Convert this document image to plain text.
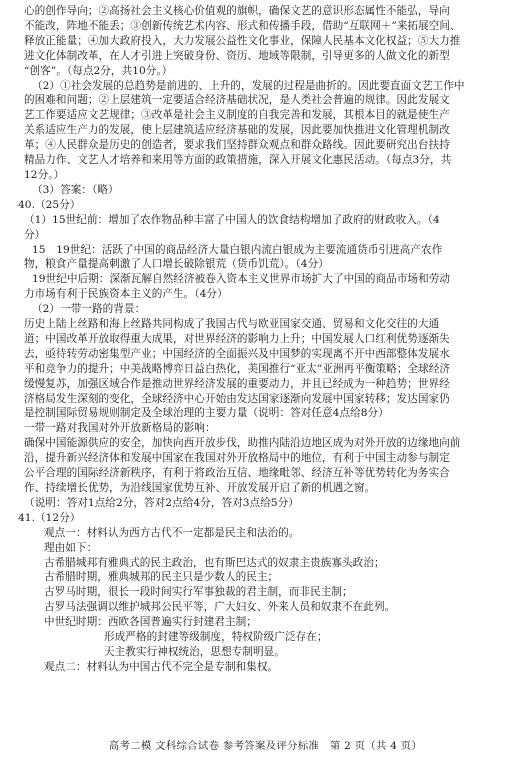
心的创作导向；②高扬社会主义核心价值观的旗帜，确保文艺的意识形态属性不能弘，导向
不能改，阵地不能丢；③创新传统艺术内容、形式和传播手段，借助“互联网＋”来拓展空间、
释放正能量；④加大政府投入，大力发展公益性文化事业，保障人民基本文化权益；⑤大力推
进文化体制改革，在人才引进上突破身份、资历、地域等限制，引导更多的人做文化的新型
“创客”。（每点2分，共10分。）
（2）①社会发展的总趋势是前进的、上升的，发展的过程是曲折的。因此要直面文艺工作中
的困难和问题；②上层建筑一定要适合经济基础状况，是人类社会普遍的规律。因此发展文
艺工作要适应文艺规律；③改革是社会主义制度的自我完善和发展，其根本目的就是使生产
关系适应生产力的发展，使上层建筑适应经济基础的发展，因此要加快推进文化管理机制改
革；④人民群众是历史的创造者，要求我们坚持群众观点和群众路线。因此要研究出台扶持
精品力作、文艺人才培养和来用等方面的政策措施，深入开展文化惠民活动。（每点3分，共
12分。）
（3）答案：（略）
40.（25分）
（1）15世纪前：增加了农作物品种丰富了中国人的饮食结构增加了政府的财政收入。（4
分）
15　19世纪：活跃了中国的商品经济大量白银内流白银成为主要流通货币引进高产农作
物，粮食产量提高刺激了人口增长破除银荒（货币饥荒）。（4分）
19世纪中后期：深渐瓦解自然经济被卷入资本主义世界市场扩大了中国的商品市场和劳动
力市场有利于民族资本主义的产生。（4分）
（2）一带一路的背景：
历史上陆上丝路和海上丝路共同构成了我国古代与欧亚国家交通、贸易和文化交往的大通
道；中国改革开放取得重大成果，对世界经济的影响力上升；中国发展人口红利优势逐渐失
去，亟待转劳动密集型产业；中国经济的全面振兴及中国梦的实现离不开中西部整体发展水
平和竞争力的提升；中美战略博弈日益白热化，美国推行“亚太”亚洲再平衡策略；全球经济
缓慢复苏，加强区域合作是推动世界经济发展的重要动力，并且已经成为一种趋势；世界经
济格局发生深刻的变化，全球经济中心开始由发达国家逐渐向发展中国家转移；发达国家仍
是控制国际贸易规则制定及全球治理的主要力量（说明：答对任意4点给8分）
一带一路对我国对外开放新格局的影响：
确保中国能源供应的安全，加快向西开放步伐，助推内陆沿边地区成为对外开放的边缘地向前
沿，提升新兴经济体和发展中国家在我国对外开放格局中的地位，有利于中国主动参与制定
公平合理的国际经济新秩序，有利于将政治互信、地缘毗邻、经济互补等优势转化为务实合
作、持续增长优势，为沿线国家优势互补、开放发展开启了新的机遇之窗。
（说明：答对1点给2分，答对2点给4分，答对3点给5分）
41.（12分）
观点一：材料认为西方古代不一定都是民主和法治的。
理由如下：
古希腊城邦有雅典式的民主政治，也有斯巴达式的奴隶主贵族寡头政治；
古希腊时期，雅典城邦的民主只是少数人的民主；
古罗马时期，很长一段时间实行军事独裁的君主制，而非民主制；
古罗马法强调以维护城邦公民平等，广大妇女、外来人员和奴隶不在此列。
中世纪时期：西欧各国普遍实行封建君主制；
形成严格的封建等级制度，特权阶级广泛存在；
天主教实行神权统治，思想专制明显。
观点二：材料认为中国古代不完全是专制和集权。
高考二模 文科综合试卷 参考答案及评分标准　第 2 页（共 4 页）
